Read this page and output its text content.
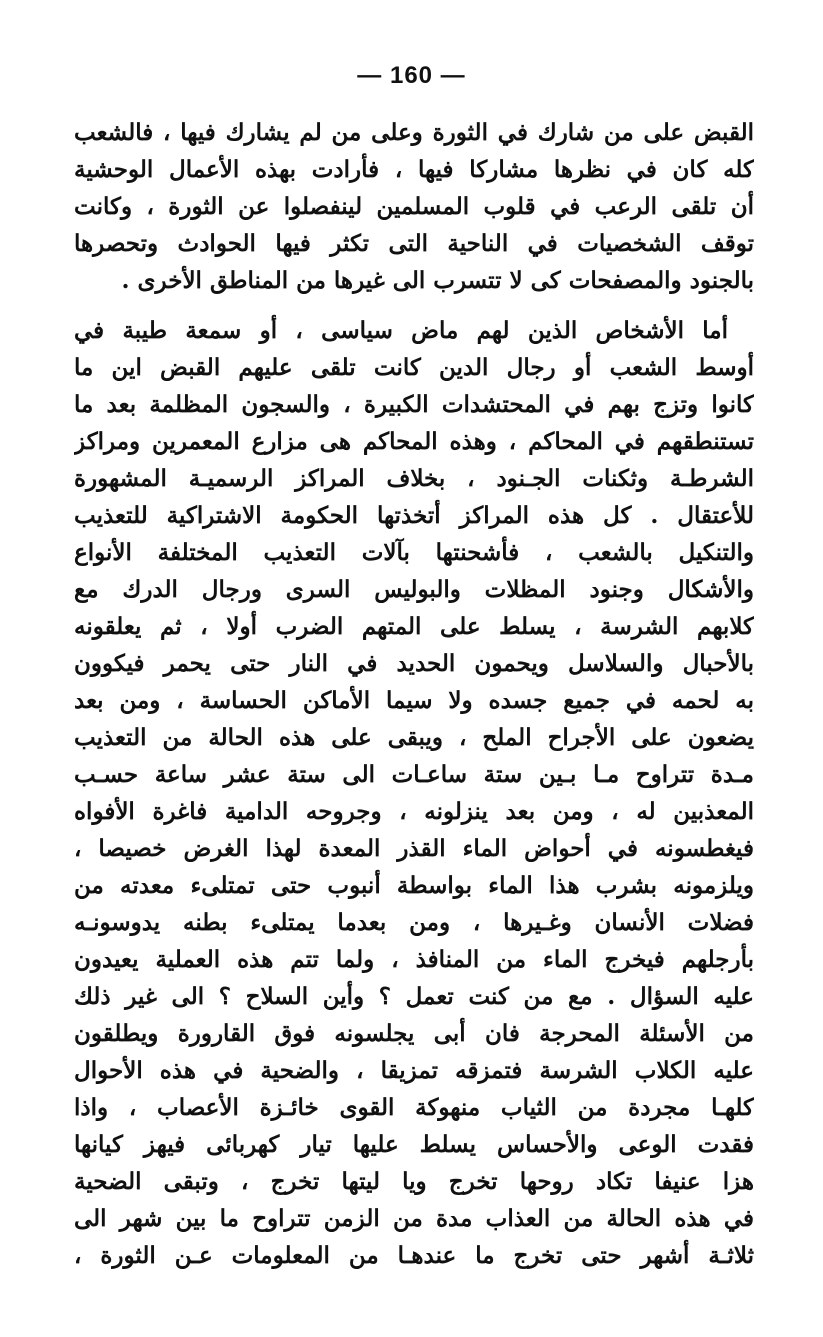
— 160 —
القبض على من شارك في الثورة وعلى من لم يشارك فيها ، فالشعب
كله كان في نظرها مشاركا فيها ، فأرادت بهذه الأعمال الوحشية
أن تلقى الرعب في قلوب المسلمين لينفصلوا عن الثورة ، وكانت
توقف الشخصيات في الناحية التى تكثر فيها الحوادث وتحصرها
بالجنود والمصفحات كى لا تتسرب الى غيرها من المناطق الأخرى .
أما الأشخاص الذين لهم ماض سياسى ، أو سمعة طيبة في
أوسط الشعب أو رجال الدين كانت تلقى عليهم القبض اين ما
كانوا وتزج بهم في المحتشدات الكبيرة ، والسجون المظلمة بعد ما
تستنطقهم في المحاكم ، وهذه المحاكم هى مزارع المعمرين ومراكز
الشرطـة وثكنات الجـنود ، بخلاف المراكز الرسميـة المشهورة
للأعتقال . كل هذه المراكز أتخذتها الحكومة الاشتراكية للتعذيب
والتنكيل بالشعب ، فأشحنتها بآلات التعذيب المختلفة الأنواع
والأشكال وجنود المظلات والبوليس السرى ورجال الدرك مع
كلابهم الشرسة ، يسلط على المتهم الضرب أولا ، ثم يعلقونه
بالأحبال والسلاسل ويحمون الحديد في النار حتى يحمر فيكوون
به لحمه في جميع جسده ولا سيما الأماكن الحساسة ، ومن بعد
يضعون على الأجراح الملح ، ويبقى على هذه الحالة من التعذيب
مـدة تتراوح مـا بـين ستة ساعـات الى ستة عشر ساعة حسـب
المعذبين له ، ومن بعد ينزلونه ، وجروحه الدامية فاغرة الأفواه
فيغطسونه في أحواض الماء القذر المعدة لهذا الغرض خصيصا ،
ويلزمونه بشرب هذا الماء بواسطة أنبوب حتى تمتلىء معدته من
فضلات الأنسان وغـيرها ، ومن بعدما يمتلىء بطنه يدوسونـه
بأرجلهم فيخرج الماء من المنافذ ، ولما تتم هذه العملية يعيدون
عليه السؤال . مع من كنت تعمل ؟ وأين السلاح ؟ الى غير ذلك
من الأسئلة المحرجة فان أبى يجلسونه فوق القارورة ويطلقون
عليه الكلاب الشرسة فتمزقه تمزيقا ، والضحية في هذه الأحوال
كلهـا مجردة من الثياب منهوكة القوى خائـزة الأعصاب ، واذا
فقدت الوعى والأحساس يسلط عليها تيار كهربائى فيهز كيانها
هزا عنيفا تكاد روحها تخرج ويا ليتها تخرج ، وتبقى الضحية
في هذه الحالة من العذاب مدة من الزمن تتراوح ما بين شهر الى
ثلاثـة أشهر حتى تخرج ما عندهـا من المعلومات عـن الثورة ،
